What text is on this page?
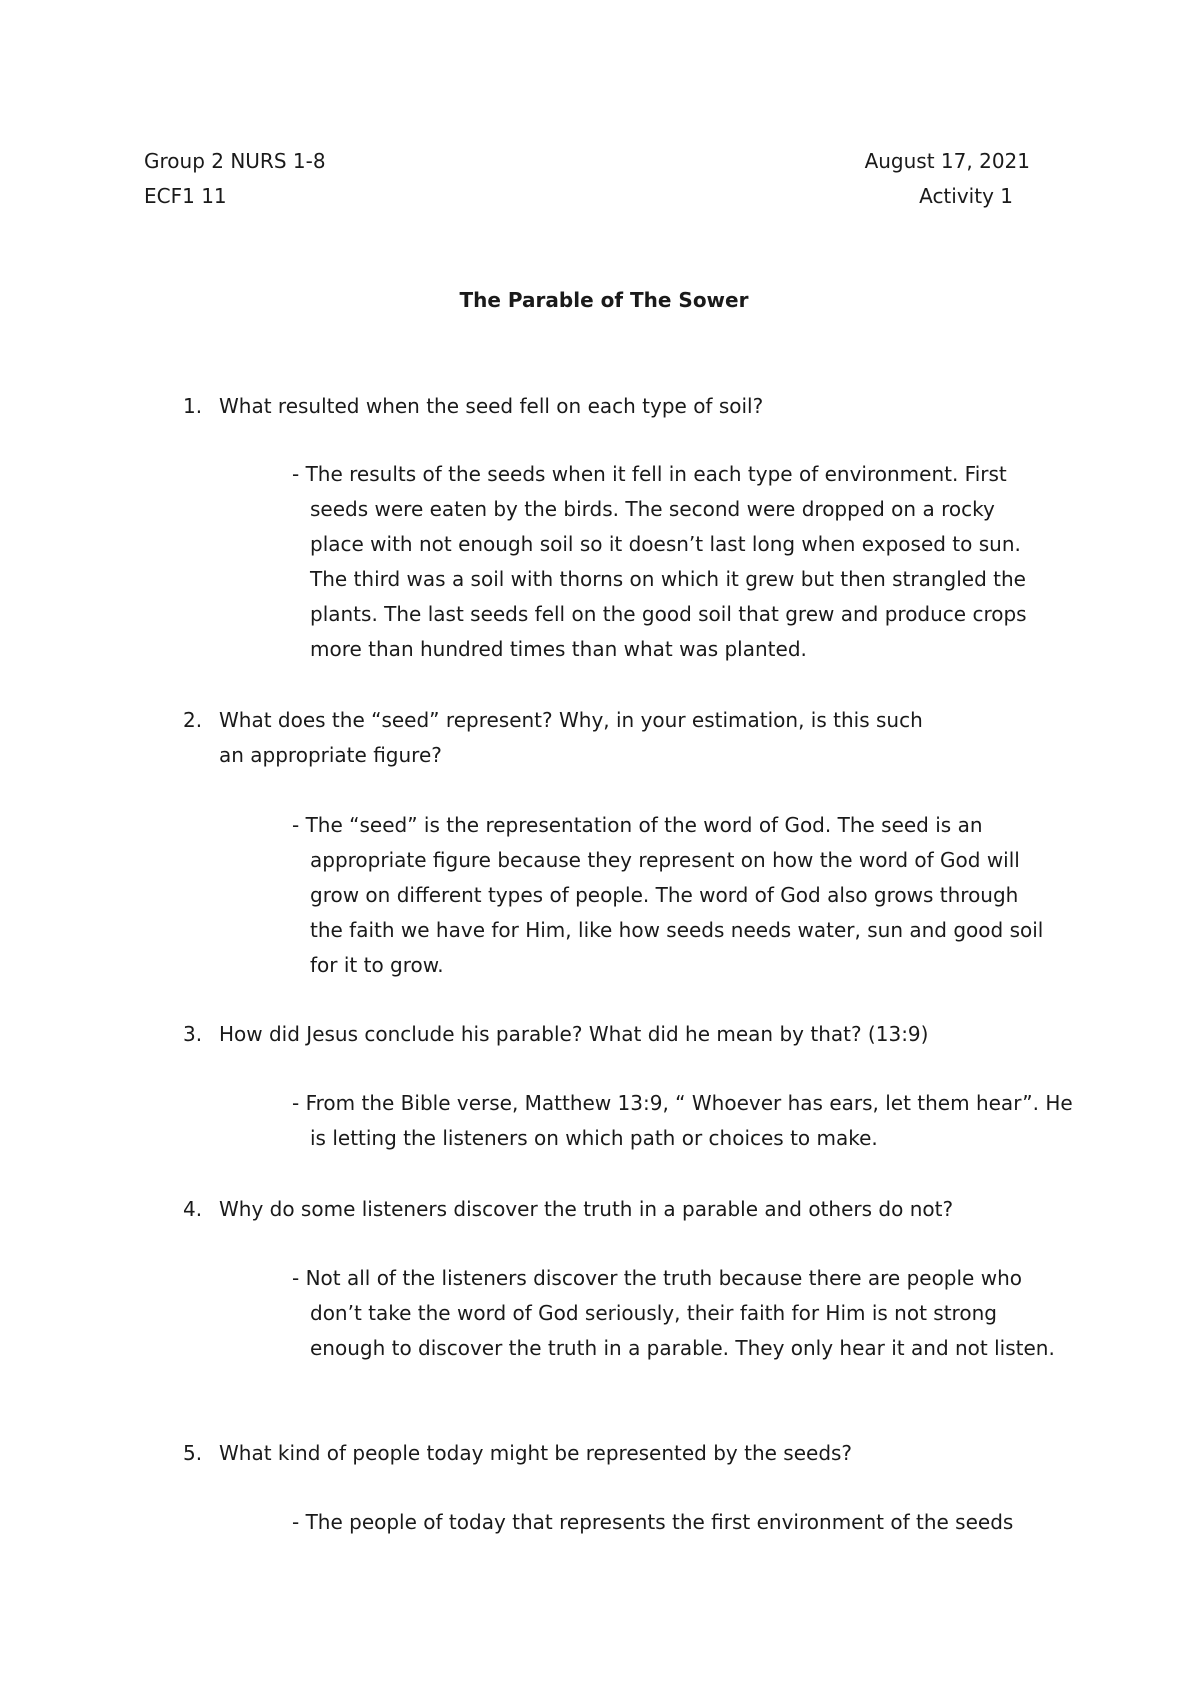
Group 2 NURS 1-8	August 17, 2021
ECF1 11	Activity 1
The Parable of The Sower
1. What resulted when the seed fell on each type of soil?
- The results of the seeds when it fell in each type of environment. First seeds were eaten by the birds. The second were dropped on a rocky place with not enough soil so it doesn’t last long when exposed to sun. The third was a soil with thorns on which it grew but then strangled the plants. The last seeds fell on the good soil that grew and produce crops more than hundred times than what was planted.
2. What does the “seed” represent? Why, in your estimation, is this such an appropriate figure?
- The “seed” is the representation of the word of God. The seed is an appropriate figure because they represent on how the word of God will grow on different types of people. The word of God also grows through the faith we have for Him, like how seeds needs water, sun and good soil for it to grow.
3. How did Jesus conclude his parable? What did he mean by that? (13:9)
- From the Bible verse, Matthew 13:9, “ Whoever has ears, let them hear”. He is letting the listeners on which path or choices to make.
4. Why do some listeners discover the truth in a parable and others do not?
- Not all of the listeners discover the truth because there are people who don’t take the word of God seriously, their faith for Him is not strong enough to discover the truth in a parable. They only hear it and not listen.
5. What kind of people today might be represented by the seeds?
- The people of today that represents the first environment of the seeds
